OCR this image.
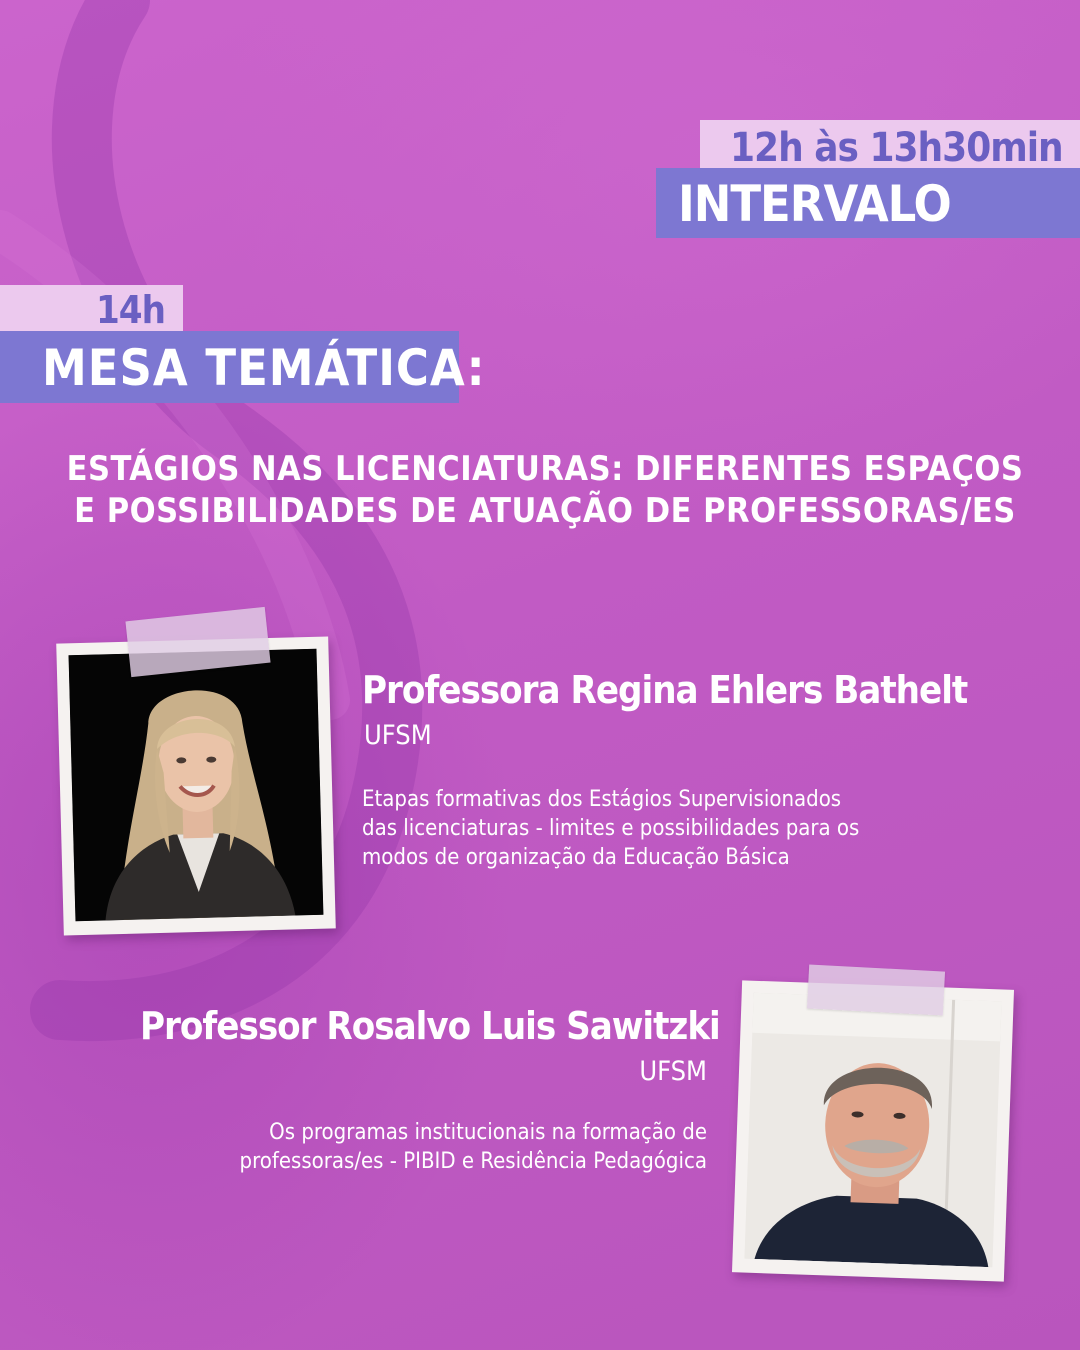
12h às 13h30min
INTERVALO
14h
MESA TEMÁTICA:
ESTÁGIOS NAS LICENCIATURAS: DIFERENTES ESPAÇOS
E POSSIBILIDADES DE ATUAÇÃO DE PROFESSORAS/ES
Professora Regina Ehlers Bathelt
UFSM

Etapas formativas dos Estágios Supervisionados
das licenciaturas - limites e possibilidades para os
modos de organização da Educação Básica

Professor Rosalvo Luis Sawitzki
UFSM

Os programas institucionais na formação de
professoras/es - PIBID e Residência Pedagógica
